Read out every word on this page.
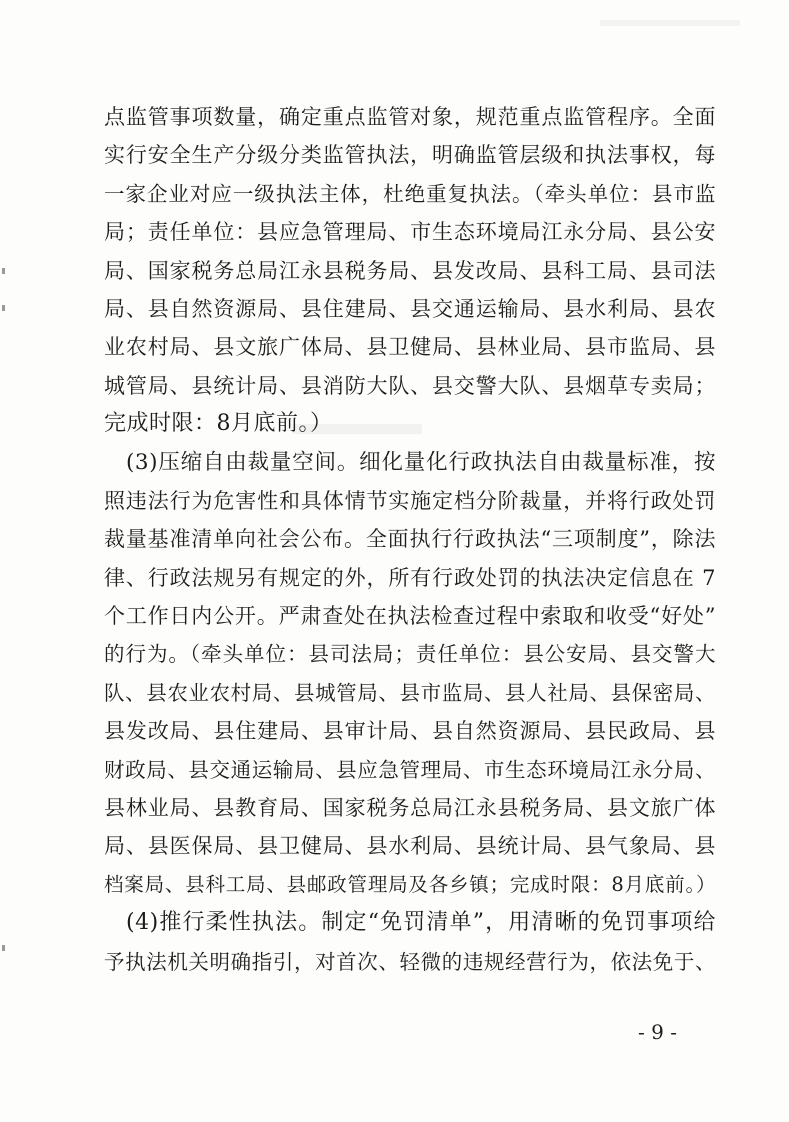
点监管事项数量，确定重点监管对象，规范重点监管程序。全面
实行安全生产分级分类监管执法，明确监管层级和执法事权，每
一家企业对应一级执法主体，杜绝重复执法。（牵头单位：县市监
局；责任单位：县应急管理局、市生态环境局江永分局、县公安
局、国家税务总局江永县税务局、县发改局、县科工局、县司法
局、县自然资源局、县住建局、县交通运输局、县水利局、县农
业农村局、县文旅广体局、县卫健局、县林业局、县市监局、县
城管局、县统计局、县消防大队、县交警大队、县烟草专卖局；
完成时限：8月底前。）
(3)压缩自由裁量空间。细化量化行政执法自由裁量标准，按
照违法行为危害性和具体情节实施定档分阶裁量，并将行政处罚
裁量基准清单向社会公布。全面执行行政执法“三项制度”，除法
律、行政法规另有规定的外，所有行政处罚的执法决定信息在 7
个工作日内公开。严肃查处在执法检查过程中索取和收受“好处”
的行为。（牵头单位：县司法局；责任单位：县公安局、县交警大
队、县农业农村局、县城管局、县市监局、县人社局、县保密局、
县发改局、县住建局、县审计局、县自然资源局、县民政局、县
财政局、县交通运输局、县应急管理局、市生态环境局江永分局、
县林业局、县教育局、国家税务总局江永县税务局、县文旅广体
局、县医保局、县卫健局、县水利局、县统计局、县气象局、县
档案局、县科工局、县邮政管理局及各乡镇；完成时限：8月底前。）
(4)推行柔性执法。制定“免罚清单”，用清晰的免罚事项给
予执法机关明确指引，对首次、轻微的违规经营行为，依法免于、
- 9 -
